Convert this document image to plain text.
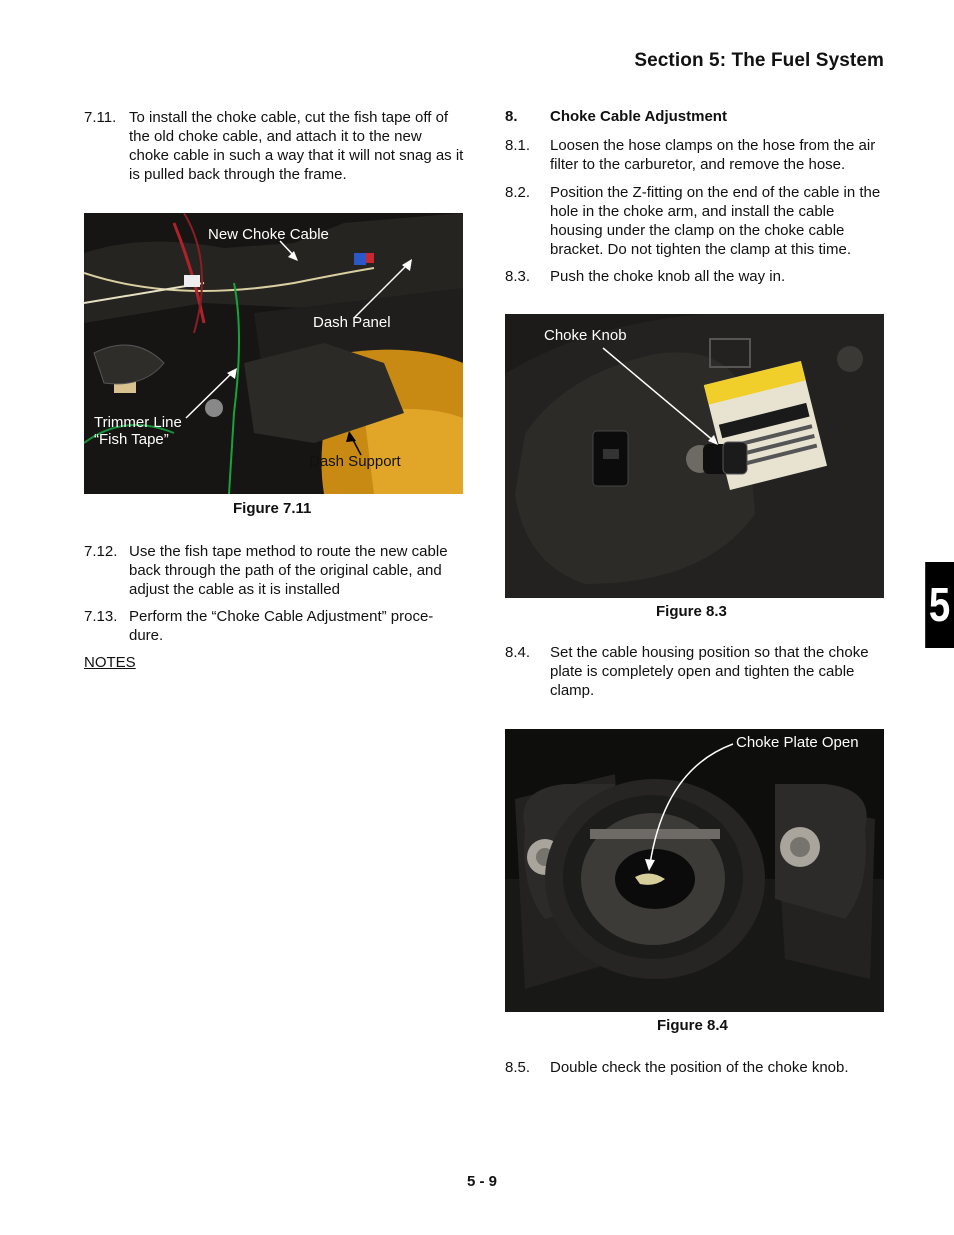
Section 5: The Fuel System
7.11. To install the choke cable, cut the fish tape off of the old choke cable, and attach it to the new choke cable in such a way that it will not snag as it is pulled back through the frame.
New Choke Cable
Dash Panel
Trimmer Line
“Fish Tape”
Dash Support
Figure 7.11
7.12. Use the fish tape method to route the new cable back through the path of the original cable, and adjust the cable as it is installed
7.13. Perform the “Choke Cable Adjustment” proce-dure.
NOTES
8. Choke Cable Adjustment
8.1. Loosen the hose clamps on the hose from the air filter to the carburetor, and remove the hose.
8.2. Position the Z-fitting on the end of the cable in the hole in the choke arm, and install the cable housing under the clamp on the choke cable bracket. Do not tighten the clamp at this time.
8.3. Push the choke knob all the way in.
Choke Knob
Figure 8.3
8.4. Set the cable housing position so that the choke plate is completely open and tighten the cable clamp.
Choke Plate Open
Figure 8.4
8.5. Double check the position of the choke knob.
5
5 - 9
